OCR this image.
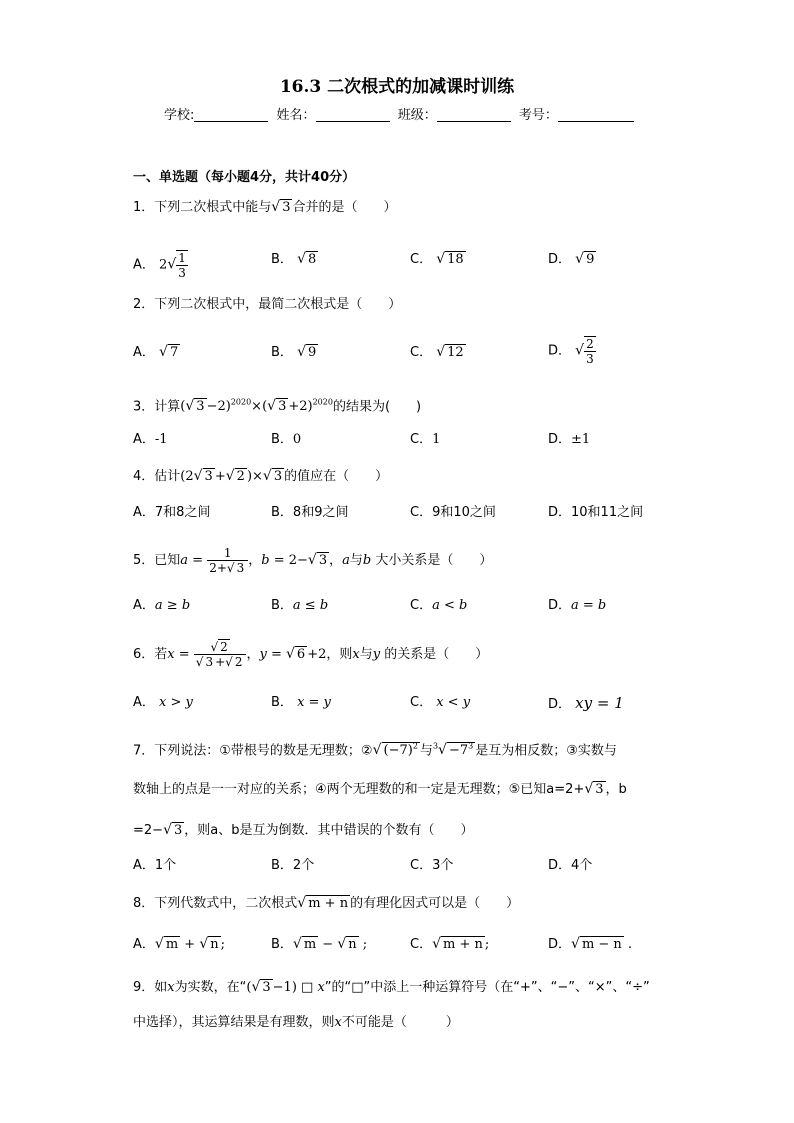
16.3 二次根式的加减课时训练
学校:	姓名：	班级：	考号：
一、单选题（每小题4分，共计40分）
1．下列二次根式中能与√ 3 合并的是（　　）
A． $2√ \frac{1}{3}$	B． √ 8	C． √ 18	D． √ 9
2．下列二次根式中，最简二次根式是（　　）
A． √ 7	B． √ 9	C． √ 12	D． √ $\frac{2}{3}$
3．计算(√ 3 −2)$^{2020}$×(√ 3 +2)$^{2020}$的结果为(　　)
A．-1	B．0	C．1	D．±1
4．估计(2√ 3 +√ 2 )×√ 3 的值应在（　　）
A．7和8之间	B．8和9之间	C．9和10之间	D．10和11之间
5．已知$a = \frac{1}{2+√ 3}$ ，b = 2−√ 3 ，a与b 大小关系是（　　）
A．a ≥ b	B．a ≤ b	C．a < b	D．a = b
6．若$x = \frac{√ 2}{√ 3 +√ 2}$ ，y = √ 6 +2，则x与y 的关系是（　　）
A． x > y	B． x = y	C． x < y	D． xy = 1
7．下列说法：①带根号的数是无理数；②√ $(-7)^2$ 与$^3√ -7^3$ 是互为相反数；③实数与
数轴上的点是一一对应的关系；④两个无理数的和一定是无理数；⑤已知a=2+√ 3 ，b
=2−√ 3 ，则a、b是互为倒数．其中错误的个数有（　　）
A．1个	B．2个	C．3个	D．4个
8．下列代数式中，二次根式√ m + n 的有理化因式可以是（　　）
A．√ m + √ n ;	B．√ m − √ n ;	C．√ m + n ;	D．√ m − n .
9．如x为实数，在“(√ 3 −1) □ x”的“□”中添上一种运算符号（在“+”、“−”、“×”、“÷”
中选择），其运算结果是有理数，则x不可能是（　　　）
